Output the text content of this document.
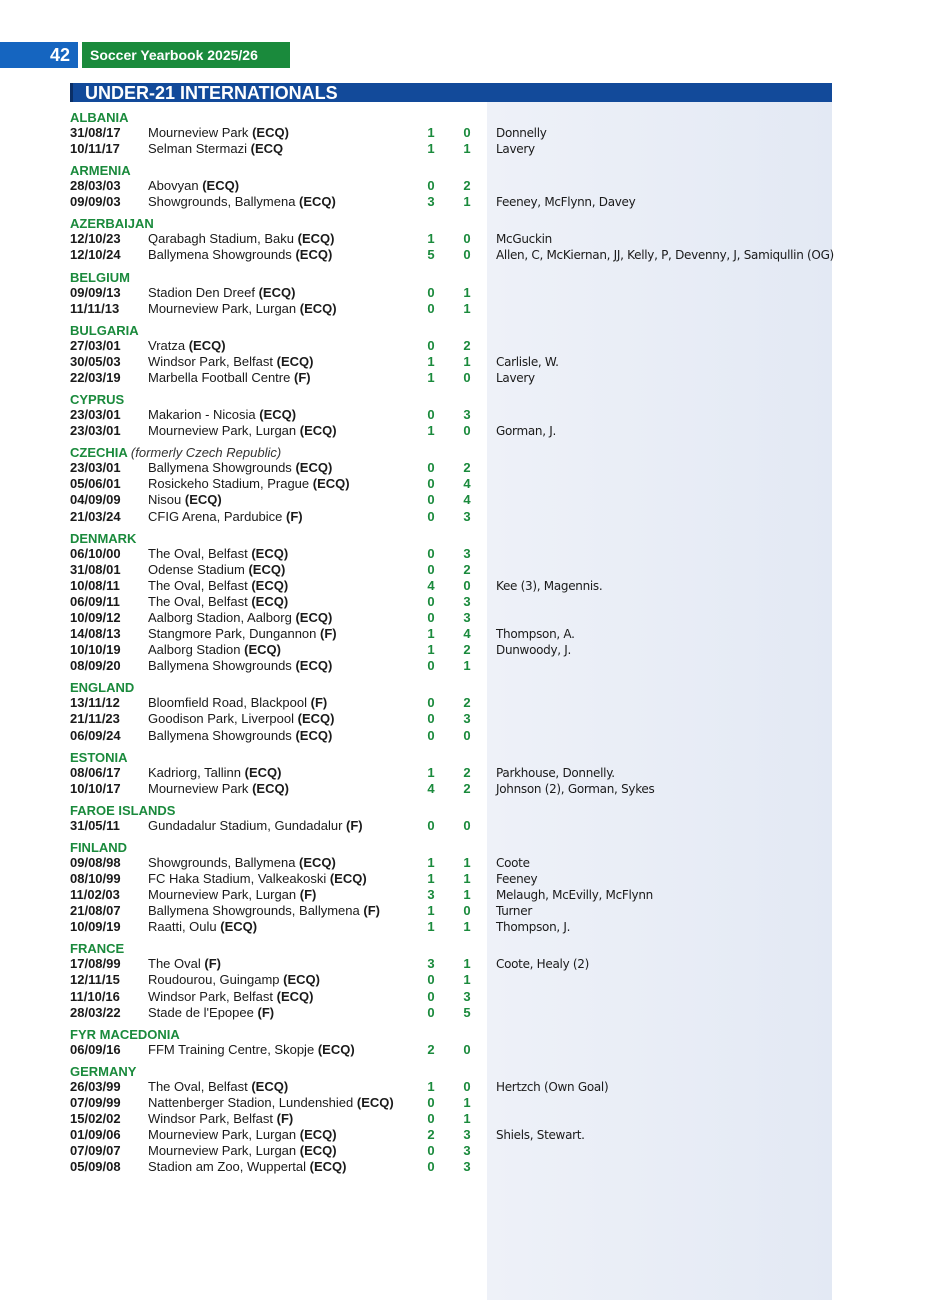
42	Soccer Yearbook 2025/26
UNDER-21 INTERNATIONALS
ALBANIA
31/08/17 Mourneview Park (ECQ)	1 0 Donnelly
10/11/17 Selman Stermazi (ECQ	1 1 Lavery
ARMENIA
28/03/03 Abovyan (ECQ)	0 2
09/09/03 Showgrounds, Ballymena (ECQ)	3 1 Feeney, McFlynn, Davey
AZERBAIJAN
12/10/23 Qarabagh Stadium, Baku (ECQ)	1 0 McGuckin
12/10/24 Ballymena Showgrounds (ECQ)	5 0 Allen, C, McKiernan, JJ, Kelly, P, Devenny, J, Samiqullin (OG)
BELGIUM
09/09/13 Stadion Den Dreef (ECQ)	0 1
11/11/13 Mourneview Park, Lurgan (ECQ)	0 1
BULGARIA
27/03/01 Vratza (ECQ)	0 2
30/05/03 Windsor Park, Belfast (ECQ)	1 1 Carlisle, W.
22/03/19 Marbella Football Centre (F)	1 0 Lavery
CYPRUS
23/03/01 Makarion - Nicosia (ECQ)	0 3
23/03/01 Mourneview Park, Lurgan (ECQ)	1 0 Gorman, J.
CZECHIA (formerly Czech Republic)
23/03/01 Ballymena Showgrounds (ECQ)	0 2
05/06/01 Rosickeho Stadium, Prague (ECQ)	0 4
04/09/09 Nisou (ECQ)	0 4
21/03/24 CFIG Arena, Pardubice (F)	0 3
DENMARK
06/10/00 The Oval, Belfast (ECQ)	0 3
31/08/01 Odense Stadium (ECQ)	0 2
10/08/11 The Oval, Belfast (ECQ)	4 0 Kee (3), Magennis.
06/09/11 The Oval, Belfast (ECQ)	0 3
10/09/12 Aalborg Stadion, Aalborg (ECQ)	0 3
14/08/13 Stangmore Park, Dungannon (F)	1 4 Thompson, A.
10/10/19 Aalborg Stadion (ECQ)	1 2 Dunwoody, J.
08/09/20 Ballymena Showgrounds (ECQ)	0 1
ENGLAND
13/11/12 Bloomfield Road, Blackpool (F)	0 2
21/11/23 Goodison Park, Liverpool (ECQ)	0 3
06/09/24 Ballymena Showgrounds (ECQ)	0 0
ESTONIA
08/06/17 Kadriorg, Tallinn (ECQ)	1 2 Parkhouse, Donnelly.
10/10/17 Mourneview Park (ECQ)	4 2 Johnson (2), Gorman, Sykes
FAROE ISLANDS
31/05/11 Gundadalur Stadium, Gundadalur (F)	0 0
FINLAND
09/08/98 Showgrounds, Ballymena (ECQ)	1 1 Coote
08/10/99 FC Haka Stadium, Valkeakoski (ECQ)	1 1 Feeney
11/02/03 Mourneview Park, Lurgan (F)	3 1 Melaugh, McEvilly, McFlynn
21/08/07 Ballymena Showgrounds, Ballymena (F)	1 0 Turner
10/09/19 Raatti, Oulu (ECQ)	1 1 Thompson, J.
FRANCE
17/08/99 The Oval (F)	3 1 Coote, Healy (2)
12/11/15 Roudourou, Guingamp (ECQ)	0 1
11/10/16 Windsor Park, Belfast (ECQ)	0 3
28/03/22 Stade de l'Epopee (F)	0 5
FYR MACEDONIA
06/09/16 FFM Training Centre, Skopje (ECQ)	2 0
GERMANY
26/03/99 The Oval, Belfast (ECQ)	1 0 Hertzch (Own Goal)
07/09/99 Nattenberger Stadion, Lundenshied (ECQ)	0 1
15/02/02 Windsor Park, Belfast (F)	0 1
01/09/06 Mourneview Park, Lurgan (ECQ)	2 3 Shiels, Stewart.
07/09/07 Mourneview Park, Lurgan (ECQ)	0 3
05/09/08 Stadion am Zoo, Wuppertal (ECQ)	0 3
